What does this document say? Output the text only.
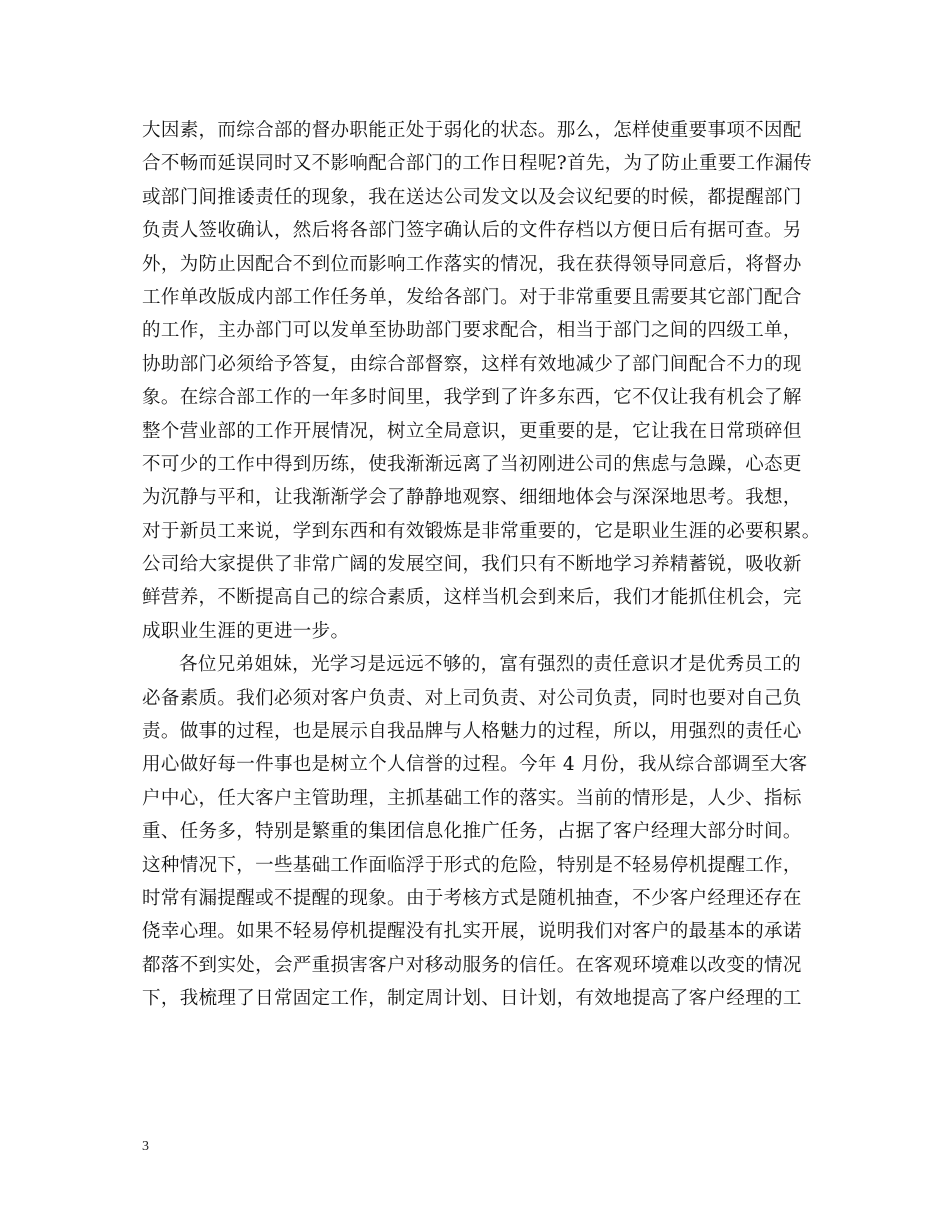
大因素，而综合部的督办职能正处于弱化的状态。那么，怎样使重要事项不因配
合不畅而延误同时又不影响配合部门的工作日程呢?首先，为了防止重要工作漏传
或部门间推诿责任的现象，我在送达公司发文以及会议纪要的时候，都提醒部门
负责人签收确认，然后将各部门签字确认后的文件存档以方便日后有据可查。另
外，为防止因配合不到位而影响工作落实的情况，我在获得领导同意后，将督办
工作单改版成内部工作任务单，发给各部门。对于非常重要且需要其它部门配合
的工作，主办部门可以发单至协助部门要求配合，相当于部门之间的四级工单，
协助部门必须给予答复，由综合部督察，这样有效地减少了部门间配合不力的现
象。在综合部工作的一年多时间里，我学到了许多东西，它不仅让我有机会了解
整个营业部的工作开展情况，树立全局意识，更重要的是，它让我在日常琐碎但
不可少的工作中得到历练，使我渐渐远离了当初刚进公司的焦虑与急躁，心态更
为沉静与平和，让我渐渐学会了静静地观察、细细地体会与深深地思考。我想，
对于新员工来说，学到东西和有效锻炼是非常重要的，它是职业生涯的必要积累。
公司给大家提供了非常广阔的发展空间，我们只有不断地学习养精蓄锐，吸收新
鲜营养，不断提高自己的综合素质，这样当机会到来后，我们才能抓住机会，完
成职业生涯的更进一步。
各位兄弟姐妹，光学习是远远不够的，富有强烈的责任意识才是优秀员工的
必备素质。我们必须对客户负责、对上司负责、对公司负责，同时也要对自己负
责。做事的过程，也是展示自我品牌与人格魅力的过程，所以，用强烈的责任心
用心做好每一件事也是树立个人信誉的过程。今年 4 月份，我从综合部调至大客
户中心，任大客户主管助理，主抓基础工作的落实。当前的情形是，人少、指标
重、任务多，特别是繁重的集团信息化推广任务，占据了客户经理大部分时间。
这种情况下，一些基础工作面临浮于形式的危险，特别是不轻易停机提醒工作，
时常有漏提醒或不提醒的现象。由于考核方式是随机抽查，不少客户经理还存在
侥幸心理。如果不轻易停机提醒没有扎实开展，说明我们对客户的最基本的承诺
都落不到实处，会严重损害客户对移动服务的信任。在客观环境难以改变的情况
下，我梳理了日常固定工作，制定周计划、日计划，有效地提高了客户经理的工
3
